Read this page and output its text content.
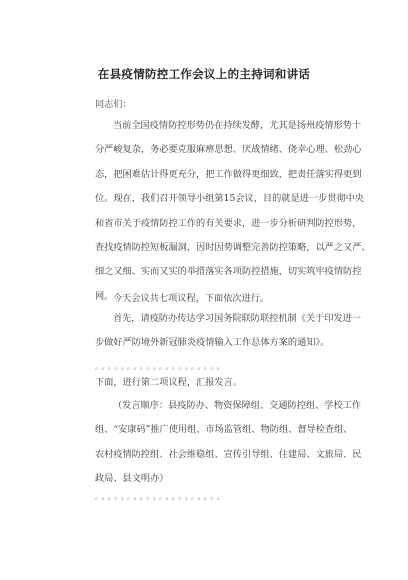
在县疫情防控工作会议上的主持词和讲话
同志们：
当前全国疫情防控形势仍在持续发酵，尤其是扬州疫情形势十
分严峻复杂，务必要克服麻痹思想、厌战情绪、侥幸心理、松劲心
态，把困难估计得更充分，把工作做得更细致，把责任落实得更到
位。现在，我们召开领导小组第15会议，目的就是进一步贯彻中央
和省市关于疫情防控工作的有关要求，进一步分析研判防控形势，
查找疫情防控短板漏洞，因时因势调整完善防控策略，以严之又严、
细之又细、实而又实的举措落实各项防控措施，切实筑牢疫情防控
网。 今天会议共七项议程，下面依次进行。
首先，请疫防办传达学习国务院联防联控机制《关于印发进一
步做好严防境外新冠肺炎疫情输入工作总体方案的通知》。
。。。。。。。。。。。。。。。。。。。。
下面，进行第二项议程，汇报发言。
（发言顺序：县疫防办、物资保障组、交通防控组、学校工作
组、“安康码”推广使用组、市场监管组、物防组、督导检查组、
农村疫情防控组、社会维稳组、宣传引导组、住建局、文旅局、民
政局、县文明办）
。。。。。。。。。。。。。。。。。。。。
